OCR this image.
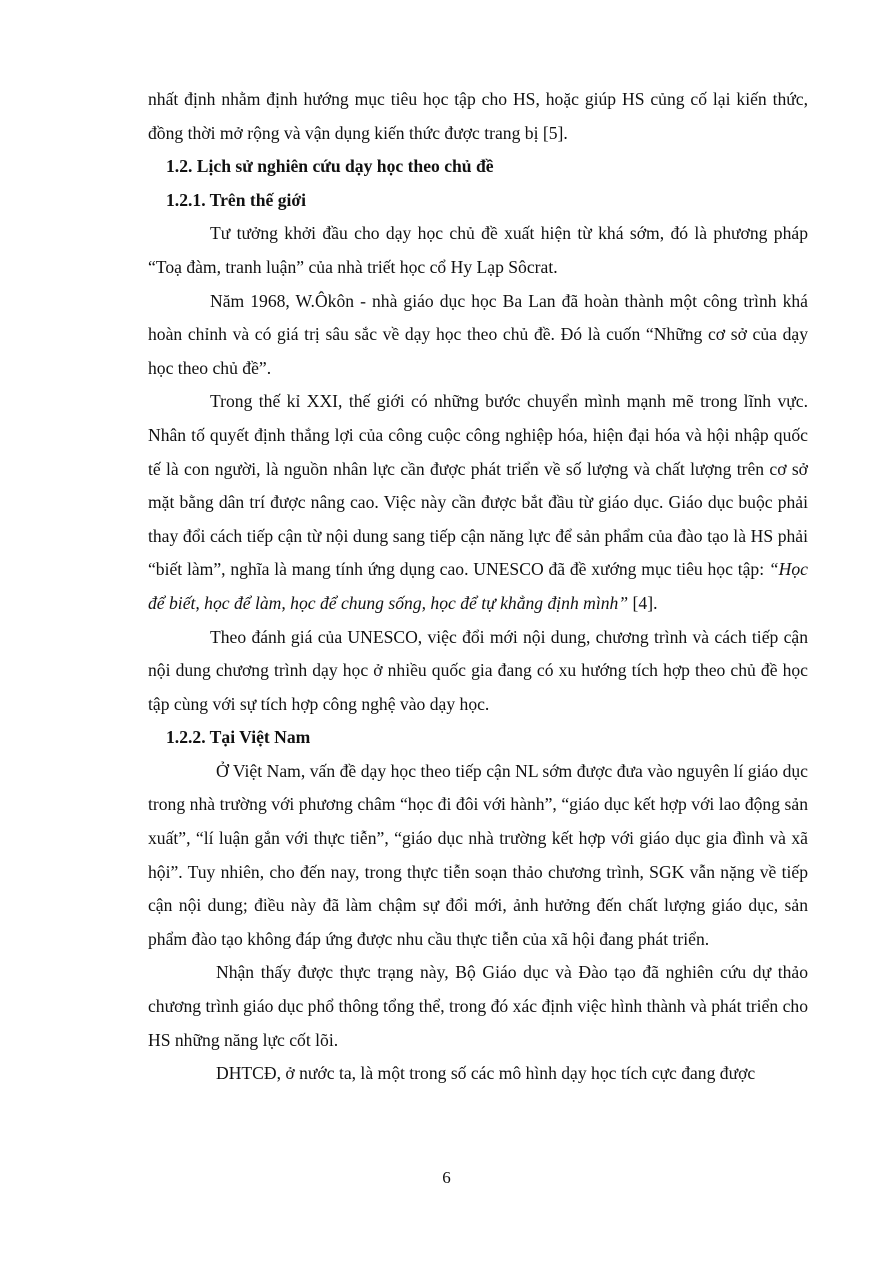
nhất định nhằm định hướng mục tiêu học tập cho HS, hoặc giúp HS củng cố lại kiến thức, đồng thời mở rộng và vận dụng kiến thức được trang bị [5].

1.2. Lịch sử nghiên cứu dạy học theo chủ đề

1.2.1. Trên thế giới

Tư tưởng khởi đầu cho dạy học chủ đề xuất hiện từ khá sớm, đó là phương pháp “Toạ đàm, tranh luận” của nhà triết học cổ Hy Lạp Sôcrat.

Năm 1968, W.Ôkôn - nhà giáo dục học Ba Lan đã hoàn thành một công trình khá hoàn chỉnh và có giá trị sâu sắc về dạy học theo chủ đề. Đó là cuốn “Những cơ sở của dạy học theo chủ đề”.

Trong thế kỉ XXI, thế giới có những bước chuyển mình mạnh mẽ trong lĩnh vực. Nhân tố quyết định thắng lợi của công cuộc công nghiệp hóa, hiện đại hóa và hội nhập quốc tế là con người, là nguồn nhân lực cần được phát triển về số lượng và chất lượng trên cơ sở mặt bằng dân trí được nâng cao. Việc này cần được bắt đầu từ giáo dục. Giáo dục buộc phải thay đổi cách tiếp cận từ nội dung sang tiếp cận năng lực để sản phẩm của đào tạo là HS phải “biết làm”, nghĩa là mang tính ứng dụng cao. UNESCO đã đề xướng mục tiêu học tập: “Học để biết, học để làm, học để chung sống, học để tự khẳng định mình” [4].

Theo đánh giá của UNESCO, việc đổi mới nội dung, chương trình và cách tiếp cận nội dung chương trình dạy học ở nhiều quốc gia đang có xu hướng tích hợp theo chủ đề học tập cùng với sự tích hợp công nghệ vào dạy học.

1.2.2. Tại Việt Nam

Ở Việt Nam, vấn đề dạy học theo tiếp cận NL sớm được đưa vào nguyên lí giáo dục trong nhà trường với phương châm “học đi đôi với hành”, “giáo dục kết hợp với lao động sản xuất”, “lí luận gắn với thực tiễn”, “giáo dục nhà trường kết hợp với giáo dục gia đình và xã hội”. Tuy nhiên, cho đến nay, trong thực tiễn soạn thảo chương trình, SGK vẫn nặng về tiếp cận nội dung; điều này đã làm chậm sự đổi mới, ảnh hưởng đến chất lượng giáo dục, sản phẩm đào tạo không đáp ứng được nhu cầu thực tiễn của xã hội đang phát triển.

Nhận thấy được thực trạng này, Bộ Giáo dục và Đào tạo đã nghiên cứu dự thảo chương trình giáo dục phổ thông tổng thể, trong đó xác định việc hình thành và phát triển cho HS những năng lực cốt lõi.

DHTCĐ, ở nước ta, là một trong số các mô hình dạy học tích cực đang được

6
